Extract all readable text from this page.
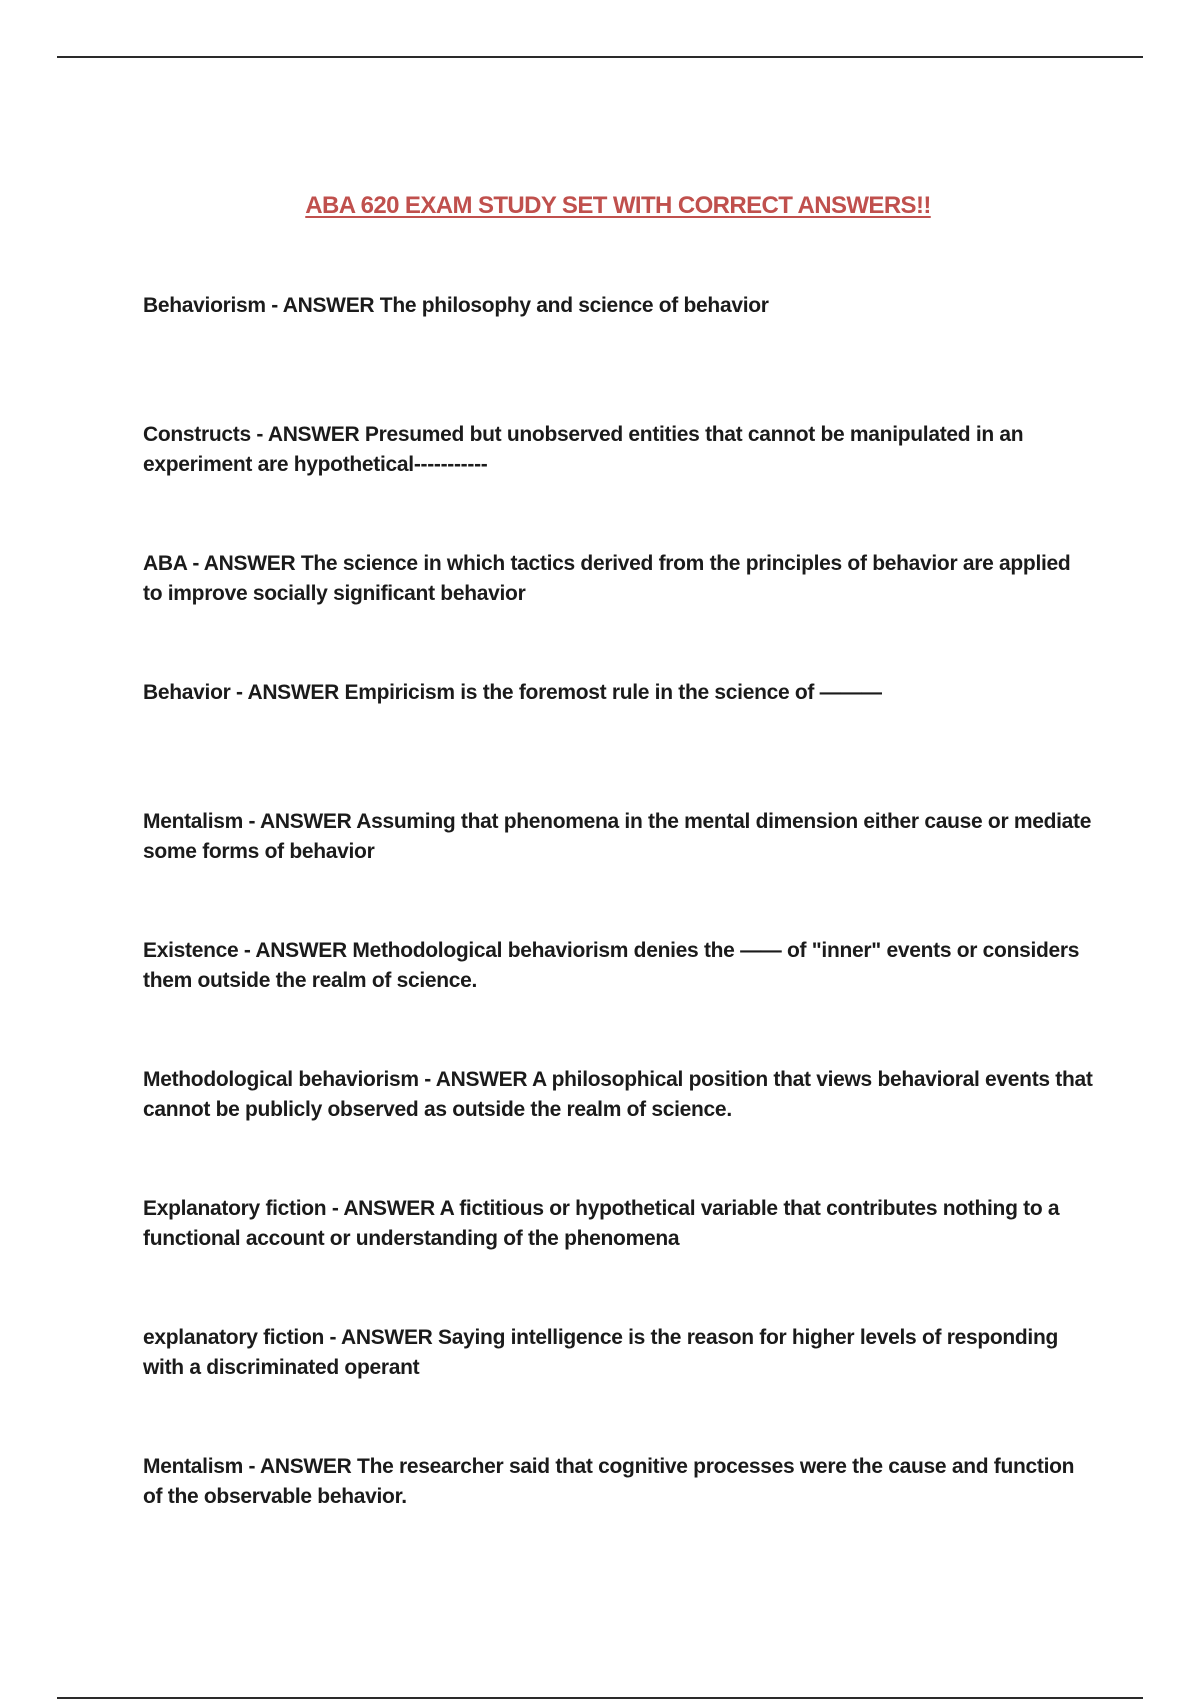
ABA 620 EXAM STUDY SET WITH CORRECT ANSWERS!!
Behaviorism - ANSWER The philosophy and science of behavior
Constructs - ANSWER Presumed but unobserved entities that cannot be manipulated in an experiment are hypothetical-----------
ABA - ANSWER The science in which tactics derived from the principles of behavior are applied to improve socially significant behavior
Behavior - ANSWER Empiricism is the foremost rule in the science of ———
Mentalism - ANSWER Assuming that phenomena in the mental dimension either cause or mediate some forms of behavior
Existence - ANSWER Methodological behaviorism denies the —— of "inner" events or considers them outside the realm of science.
Methodological behaviorism - ANSWER A philosophical position that views behavioral events that cannot be publicly observed as outside the realm of science.
Explanatory fiction - ANSWER A fictitious or hypothetical variable that contributes nothing to a functional account or understanding of the phenomena
explanatory fiction - ANSWER Saying intelligence is the reason for higher levels of responding with a discriminated operant
Mentalism - ANSWER The researcher said that cognitive processes were the cause and function of the observable behavior.
